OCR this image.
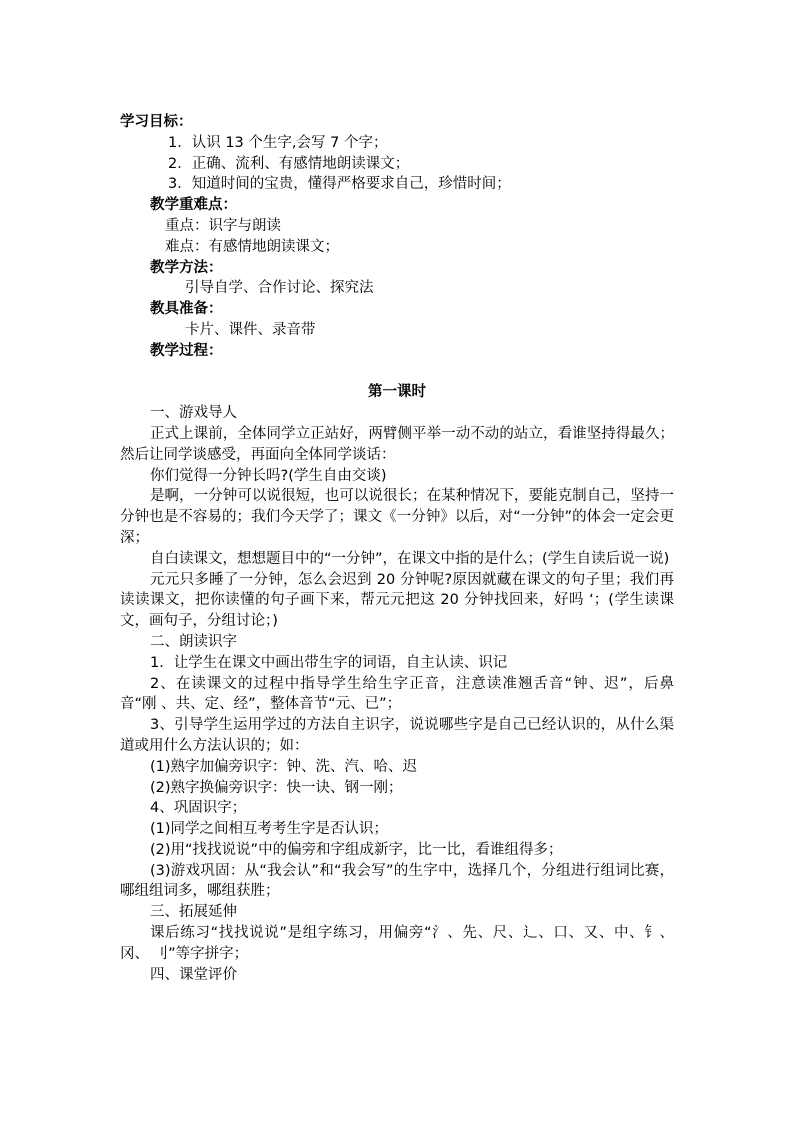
学习目标：
1．认识 13 个生字,会写 7 个字；
2．正确、流利、有感情地朗读课文；
3．知道时间的宝贵，懂得严格要求自己，珍惜时间；
教学重难点：
重点：识字与朗读
难点：有感情地朗读课文；
教学方法：
引导自学、合作讨论、探究法
教具准备：
卡片、课件、录音带
教学过程：
第一课时
一、游戏导人
正式上课前，全体同学立正站好，两臂侧平举一动不动的站立，看谁坚持得最久；然后让同学谈感受，再面向全体同学谈话：
你们觉得一分钟长吗?(学生自由交谈)
是啊，一分钟可以说很短，也可以说很长；在某种情况下，要能克制自己，坚持一分钟也是不容易的；我们今天学了；课文《一分钟》以后，对“一分钟”的体会一定会更深；
自白读课文，想想题目中的“一分钟”，在课文中指的是什么；(学生自读后说一说)
元元只多睡了一分钟，怎么会迟到 20 分钟呢?原因就藏在课文的句子里；我们再读读课文，把你读懂的句子画下来，帮元元把这 20 分钟找回来，好吗 ‘；(学生读课文，画句子，分组讨论；)
二、朗读识字
1．让学生在课文中画出带生字的词语，自主认读、识记
2、在读课文的过程中指导学生给生字正音，注意读准翘舌音“钟、迟”，后鼻音“刚 、共、定、经”，整体音节“元、已”；
3、引导学生运用学过的方法自主识字，说说哪些字是自己已经认识的，从什么渠道或用什么方法认识的；如：
(1)熟字加偏旁识字：钟、洗、汽、哈、迟
(2)熟字换偏旁识字：快一诀、钢一刚；
4、巩固识字；
(1)同学之间相互考考生字是否认识；
(2)用“找找说说”中的偏旁和字组成新字，比一比，看谁组得多；
(3)游戏巩固：从“我会认”和“我会写”的生字中，选择几个，分组进行组词比赛，哪组组词多，哪组获胜；
三、拓展延伸
课后练习“找找说说”是组字练习，用偏旁“氵、先、尺、辶、口、又、中、钅、冈、 刂”等字拼字；
四、课堂评价
